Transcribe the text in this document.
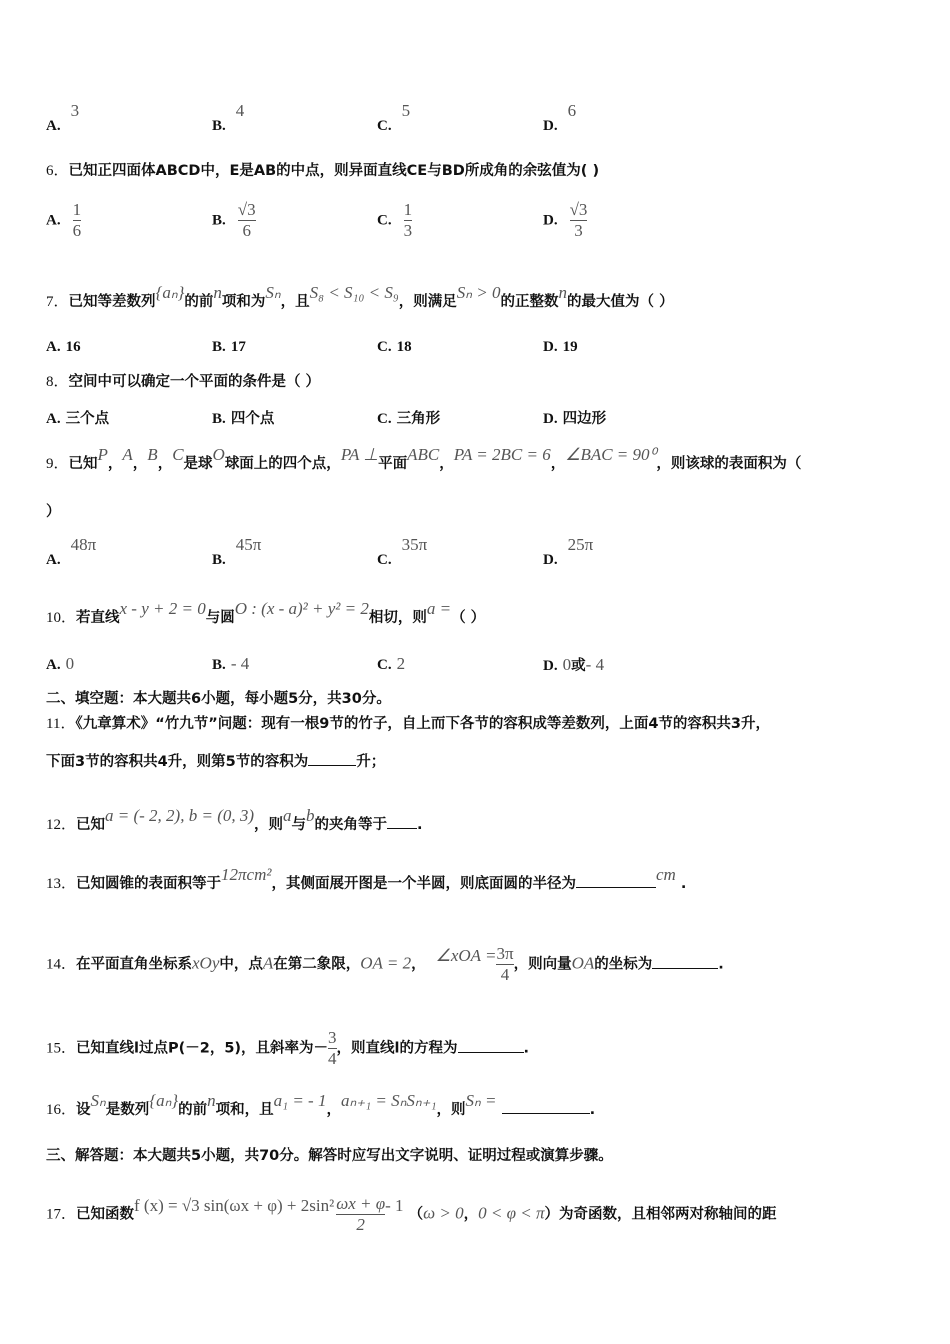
A.3
B.4
C.5
D.6
6．已知正四面体ABCD中，E是AB的中点，则异面直线CE与BD所成角的余弦值为( )
A. $\frac{1}{6}$	B. $\frac{√3}{6}$	C. $\frac{1}{3}$	D. $\frac{√3}{3}$
7．已知等差数列{aₙ}的前n项和为Sₙ，且S₈ < S₁₀ < S₉，则满足Sₙ > 0的正整数n的最大值为（ ）
A. 16	B. 17	C. 18	D. 19
8．空间中可以确定一个平面的条件是（ ）
A. 三个点	B. 四个点	C. 三角形	D. 四边形
9．已知P，A，B，C是球O球面上的四个点，PA ⊥平面ABC，PA = 2BC = 6，∠BAC = 90⁰，则该球的表面积为（
）
A.48π
B.45π
C.35π
D.25π
10．若直线x - y + 2 = 0与圆O : (x - a)² + y² = 2相切，则a =（ ）
A. 0	B. - 4	C. 2	D. 0或- 4
二、填空题：本大题共6小题，每小题5分，共30分。
11．《九章算术》“竹九节”问题：现有一根9节的竹子，自上而下各节的容积成等差数列，上面4节的容积共3升，
下面3节的容积共4升，则第5节的容积为	升；
12．已知a = (- 2, 2), b = (0, 3)，则a与b的夹角等于 .
13．已知圆锥的表面积等于12πcm²，其侧面展开图是一个半圆，则底面圆的半径为	cm .
14．在平面直角坐标系xOy中，点A在第二象限，OA = 2， ∠xOA = $\frac{3\pi}{4}$ ，则向量OA的坐标为	.
15．已知直线l过点P(－2，5)，且斜率为－ $\frac{3}{4}$ ，则直线l的方程为	.
16．设Sₙ是数列{aₙ}的前n项和，且a₁ = - 1，aₙ₊₁ = SₙSₙ₊₁，则Sₙ =	.
三、解答题：本大题共5小题，共70分。解答时应写出文字说明、证明过程或演算步骤。
17．已知函数f (x) = √3 $\sin(\omega x + \varphi) + 2\sin^2 \frac{\omega x + \varphi}{2} - 1$ （ω > 0，0 < φ < π）为奇函数，且相邻两对称轴间的距
